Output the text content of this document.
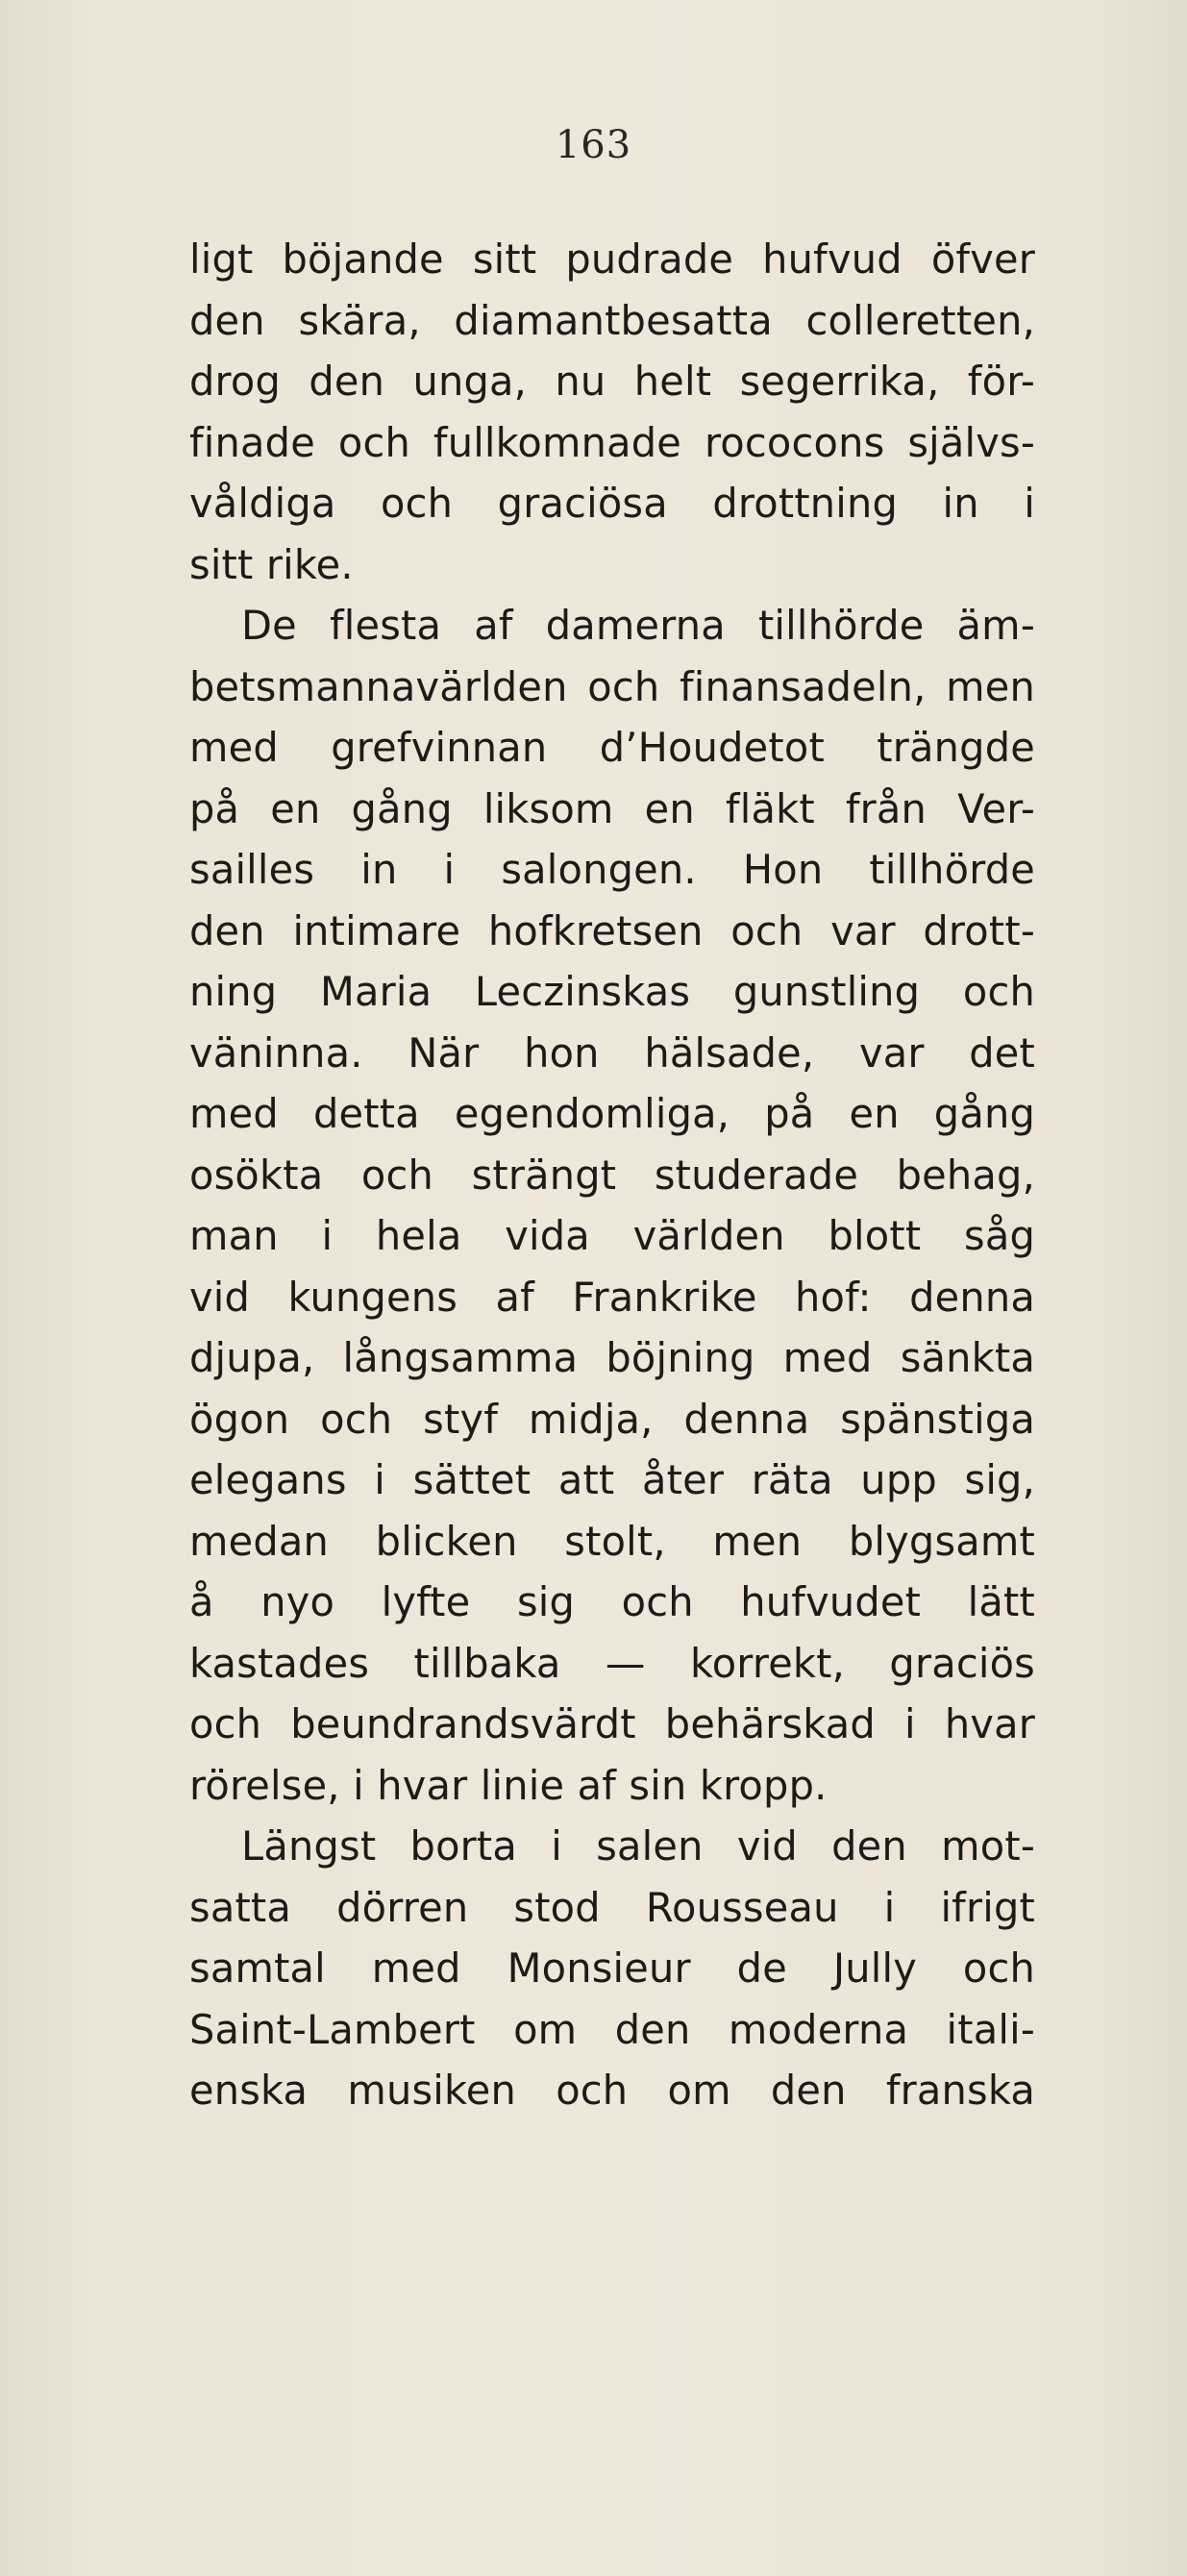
163
ligt böjande sitt pudrade hufvud öfver
den skära, diamantbesatta colleretten,
drog den unga, nu helt segerrika, för-
finade och fullkomnade rococons självs-
våldiga och graciösa drottning in i
sitt rike.
De flesta af damerna tillhörde äm-
betsmannavärlden och finansadeln, men
med grefvinnan d’Houdetot trängde
på en gång liksom en fläkt från Ver-
sailles in i salongen. Hon tillhörde
den intimare hofkretsen och var drott-
ning Maria Leczinskas gunstling och
väninna. När hon hälsade, var det
med detta egendomliga, på en gång
osökta och strängt studerade behag,
man i hela vida världen blott såg
vid kungens af Frankrike hof: denna
djupa, långsamma böjning med sänkta
ögon och styf midja, denna spänstiga
elegans i sättet att åter räta upp sig,
medan blicken stolt, men blygsamt
å nyo lyfte sig och hufvudet lätt
kastades tillbaka — korrekt, graciös
och beundrandsvärdt behärskad i hvar
rörelse, i hvar linie af sin kropp.
Längst borta i salen vid den mot-
satta dörren stod Rousseau i ifrigt
samtal med Monsieur de Jully och
Saint-Lambert om den moderna itali-
enska musiken och om den franska
